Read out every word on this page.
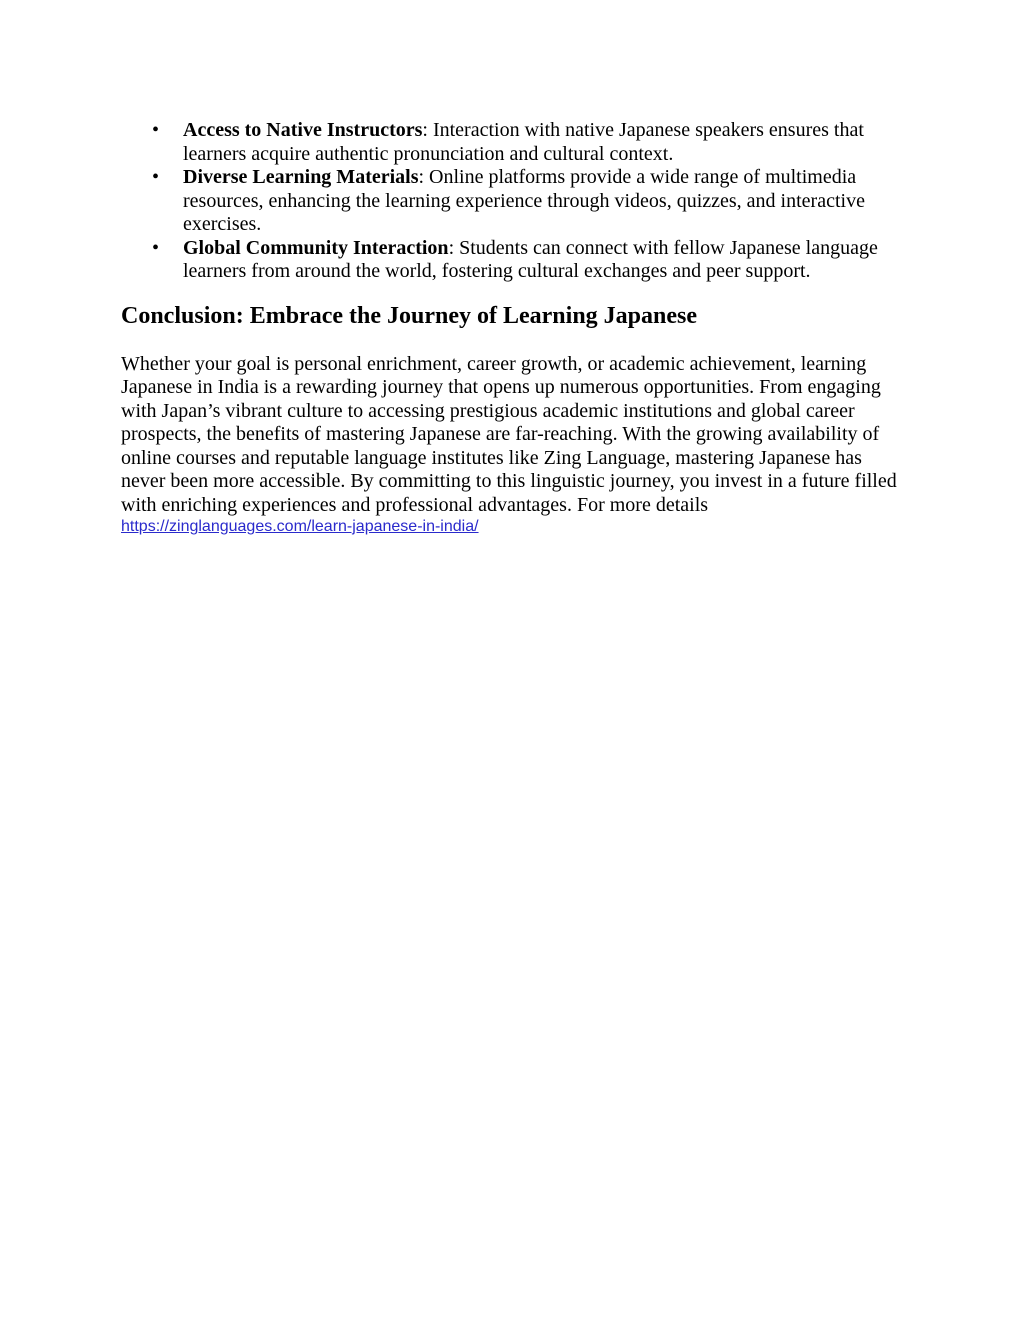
• Access to Native Instructors: Interaction with native Japanese speakers ensures that learners acquire authentic pronunciation and cultural context.
• Diverse Learning Materials: Online platforms provide a wide range of multimedia resources, enhancing the learning experience through videos, quizzes, and interactive exercises.
• Global Community Interaction: Students can connect with fellow Japanese language learners from around the world, fostering cultural exchanges and peer support.
Conclusion: Embrace the Journey of Learning Japanese

Whether your goal is personal enrichment, career growth, or academic achievement, learning Japanese in India is a rewarding journey that opens up numerous opportunities. From engaging with Japan’s vibrant culture to accessing prestigious academic institutions and global career prospects, the benefits of mastering Japanese are far-reaching. With the growing availability of online courses and reputable language institutes like Zing Language, mastering Japanese has never been more accessible. By committing to this linguistic journey, you invest in a future filled with enriching experiences and professional advantages. For more details

https://zinglanguages.com/learn-japanese-in-india/
